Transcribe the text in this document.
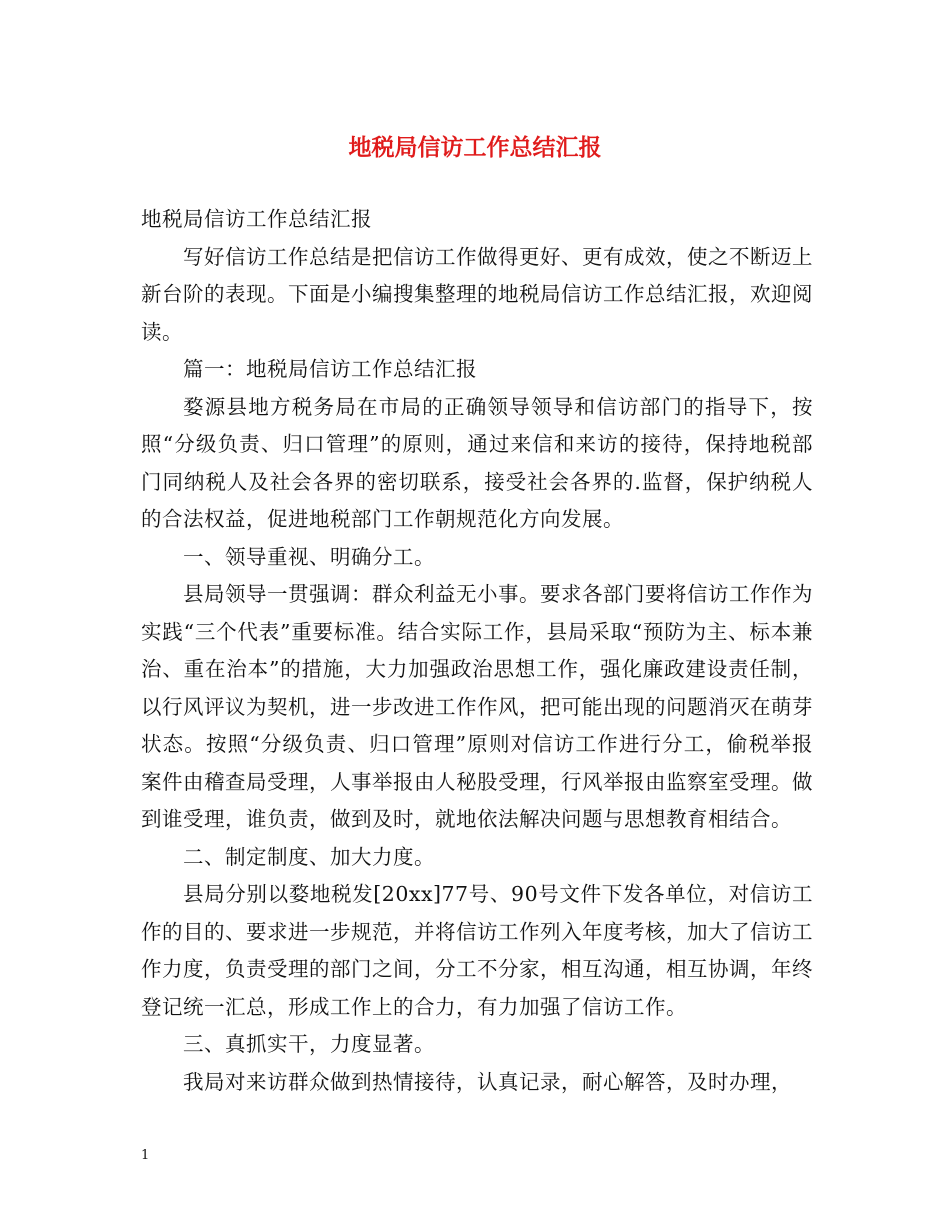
地税局信访工作总结汇报

地税局信访工作总结汇报

写好信访工作总结是把信访工作做得更好、更有成效，使之不断迈上新台阶的表现。下面是小编搜集整理的地税局信访工作总结汇报，欢迎阅读。

篇一：地税局信访工作总结汇报

婺源县地方税务局在市局的正确领导领导和信访部门的指导下，按照“分级负责、归口管理”的原则，通过来信和来访的接待，保持地税部门同纳税人及社会各界的密切联系，接受社会各界的.监督，保护纳税人的合法权益，促进地税部门工作朝规范化方向发展。

一、领导重视、明确分工。

县局领导一贯强调：群众利益无小事。要求各部门要将信访工作作为实践“三个代表”重要标准。结合实际工作，县局采取“预防为主、标本兼治、重在治本”的措施，大力加强政治思想工作，强化廉政建设责任制，以行风评议为契机，进一步改进工作作风，把可能出现的问题消灭在萌芽状态。按照“分级负责、归口管理”原则对信访工作进行分工，偷税举报案件由稽查局受理，人事举报由人秘股受理，行风举报由监察室受理。做到谁受理，谁负责，做到及时，就地依法解决问题与思想教育相结合。

二、制定制度、加大力度。

县局分别以婺地税发[20xx]77号、90号文件下发各单位，对信访工作的目的、要求进一步规范，并将信访工作列入年度考核，加大了信访工作力度，负责受理的部门之间，分工不分家，相互沟通，相互协调，年终登记统一汇总，形成工作上的合力，有力加强了信访工作。

三、真抓实干，力度显著。

我局对来访群众做到热情接待，认真记录，耐心解答，及时办理，

1
